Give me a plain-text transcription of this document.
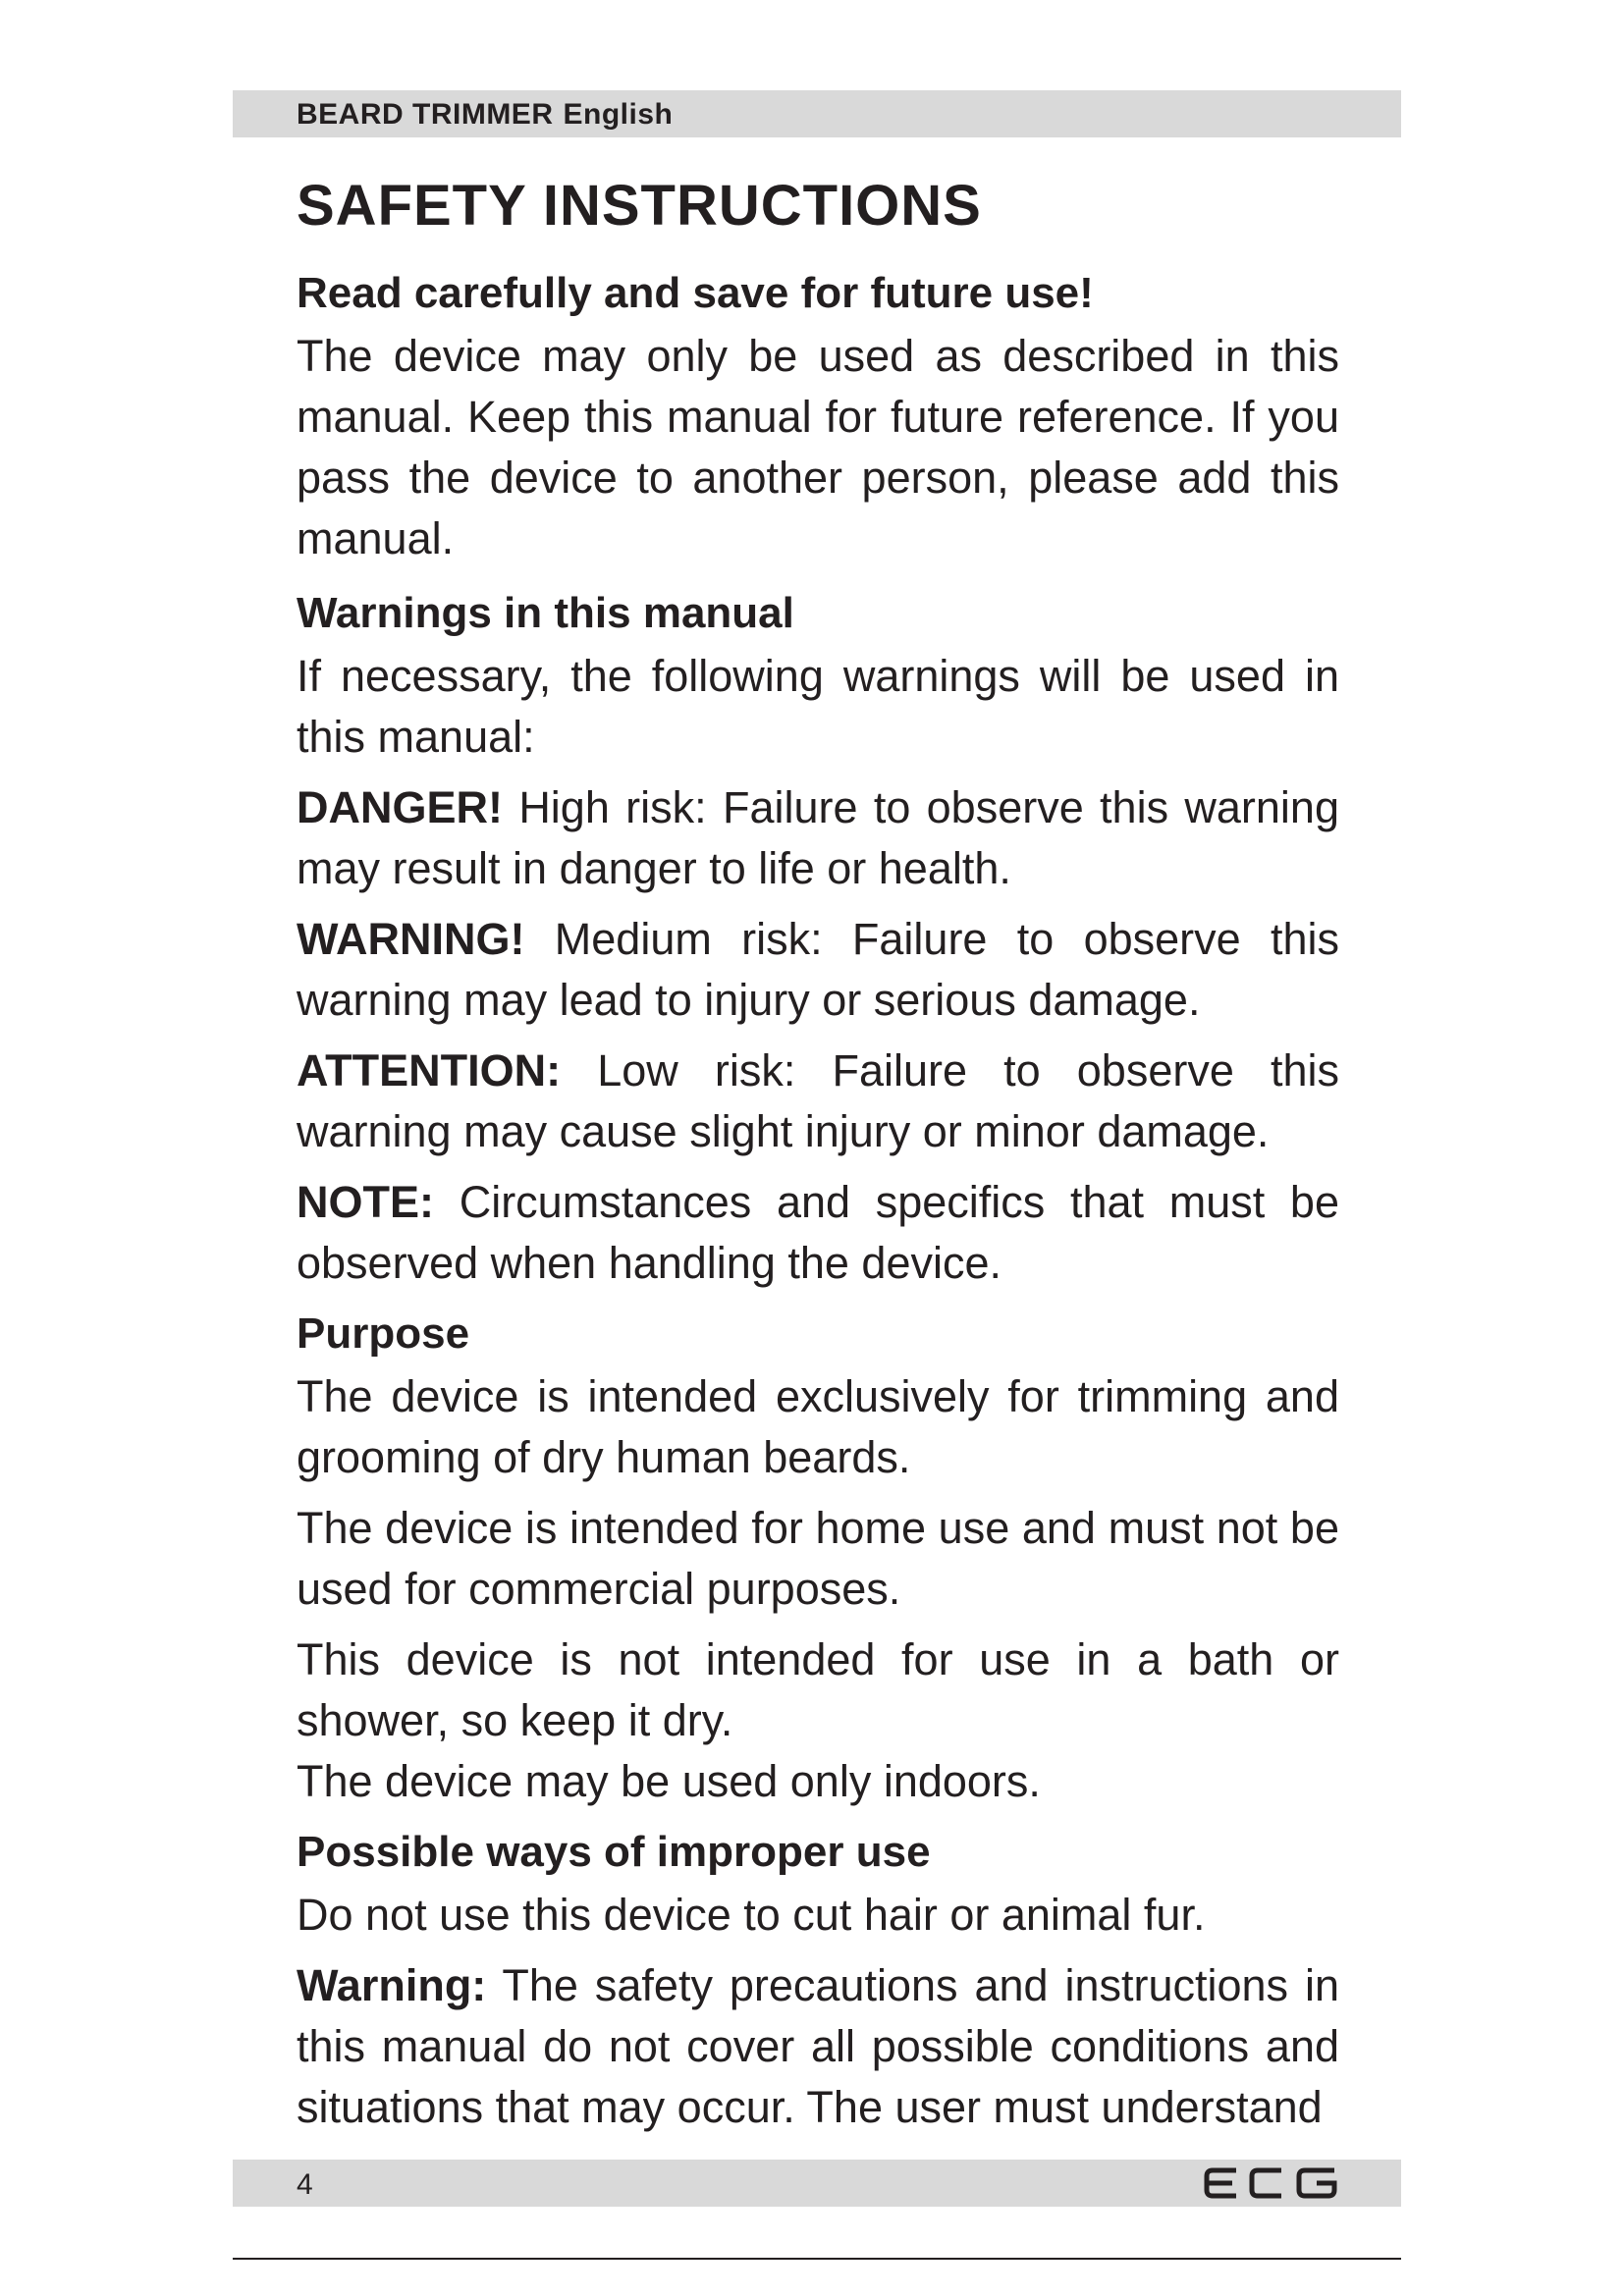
BEARD TRIMMER English
SAFETY INSTRUCTIONS
Read carefully and save for future use!

The device may only be used as described in this manual. Keep this manual for future reference. If you pass the device to another person, please add this manual.

Warnings in this manual

If necessary, the following warnings will be used in this manual:

DANGER! High risk: Failure to observe this warning may result in danger to life or health.

WARNING! Medium risk: Failure to observe this warning may lead to injury or serious damage.

ATTENTION: Low risk: Failure to observe this warning may cause slight injury or minor damage.

NOTE: Circumstances and specifics that must be observed when handling the device.

Purpose

The device is intended exclusively for trimming and grooming of dry human beards.

The device is intended for home use and must not be used for commercial purposes.

This device is not intended for use in a bath or shower, so keep it dry.

The device may be used only indoors.

Possible ways of improper use

Do not use this device to cut hair or animal fur.

Warning: The safety precautions and instructions in this manual do not cover all possible conditions and situations that may occur. The user must understand

4
